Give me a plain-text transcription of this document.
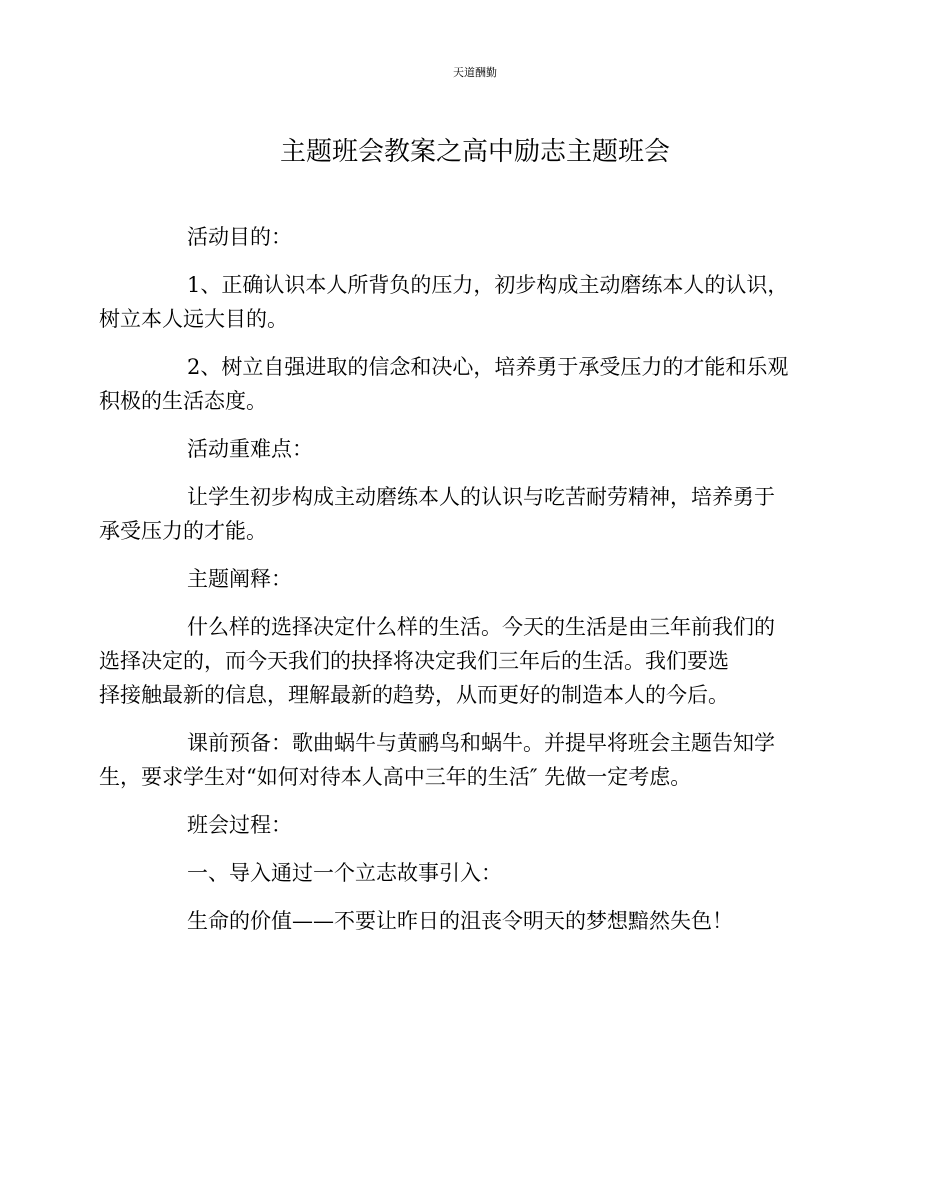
天道酬勤
主题班会教案之高中励志主题班会

活动目的：

1、正确认识本人所背负的压力，初步构成主动磨练本人的认识，
树立本人远大目的。

2、树立自强进取的信念和决心，培养勇于承受压力的才能和乐观
积极的生活态度。

活动重难点：

让学生初步构成主动磨练本人的认识与吃苦耐劳精神，培养勇于
承受压力的才能。

主题阐释：

什么样的选择决定什么样的生活。今天的生活是由三年前我们的
选择决定的，而今天我们的抉择将决定我们三年后的生活。我们要选
择接触最新的信息，理解最新的趋势，从而更好的制造本人的今后。

课前预备：歌曲蜗牛与黄鹂鸟和蜗牛。并提早将班会主题告知学
生，要求学生对“如何对待本人高中三年的生活″ 先做一定考虑。

班会过程：

一、导入通过一个立志故事引入：

生命的价值——不要让昨日的沮丧令明天的梦想黯然失色！
